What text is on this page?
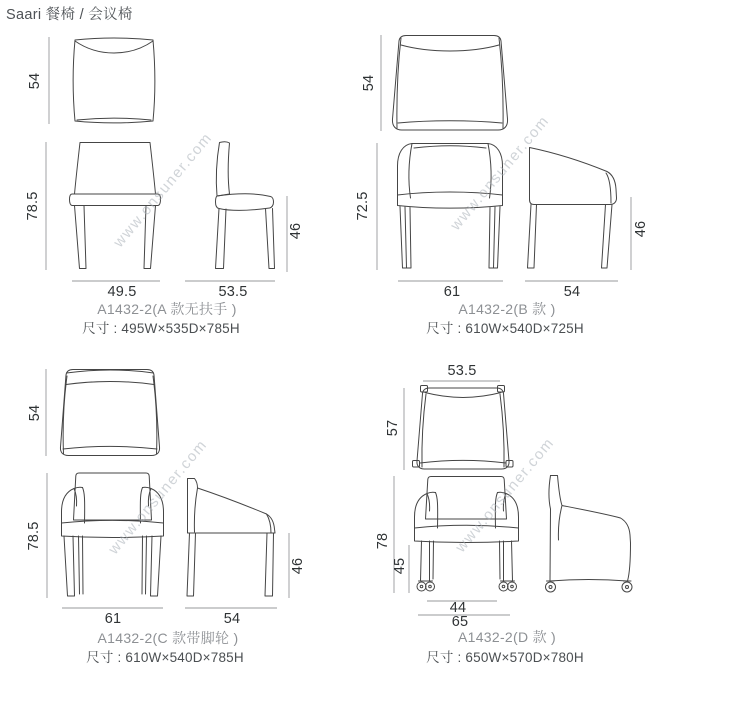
Saari 餐椅 / 会议椅
www.onsuner.com	www.onsuner.com
www.onsuner.com	www.onsuner.com
54
78.5
46
49.5	53.5
A1432-2(A 款无扶手 )
尺寸 : 495W×535D×785H
54
72.5
46
61	54
A1432-2(B 款 )
尺寸 : 610W×540D×725H
54
78.5
46
61	54
A1432-2(C 款带脚轮 )
尺寸 : 610W×540D×785H
53.5
57
78
45
44
65
A1432-2(D 款 )
尺寸 : 650W×570D×780H
